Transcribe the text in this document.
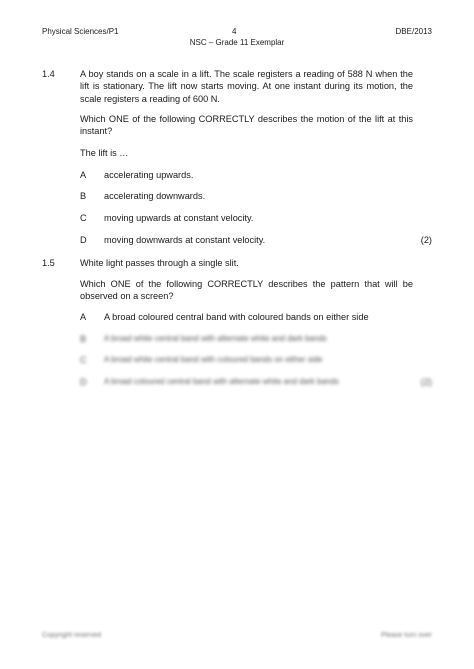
Physical Sciences/P1	4	DBE/2013
NSC – Grade 11 Exemplar
1.4	A boy stands on a scale in a lift. The scale registers a reading of 588 N when the lift is stationary. The lift now starts moving. At one instant during its motion, the scale registers a reading of 600 N.
Which ONE of the following CORRECTLY describes the motion of the lift at this instant?
The lift is …
A accelerating upwards.
B accelerating downwards.
C moving upwards at constant velocity.
D moving downwards at constant velocity.	(2)
1.5	White light passes through a single slit.
Which ONE of the following CORRECTLY describes the pattern that will be observed on a screen?
A A broad coloured central band with coloured bands on either side
B A broad white central band with alternate white and dark bands
C A broad white central band with coloured bands on either side
D A broad coloured central band with alternate white and dark bands	(2)
Copyright reserved	Please turn over
